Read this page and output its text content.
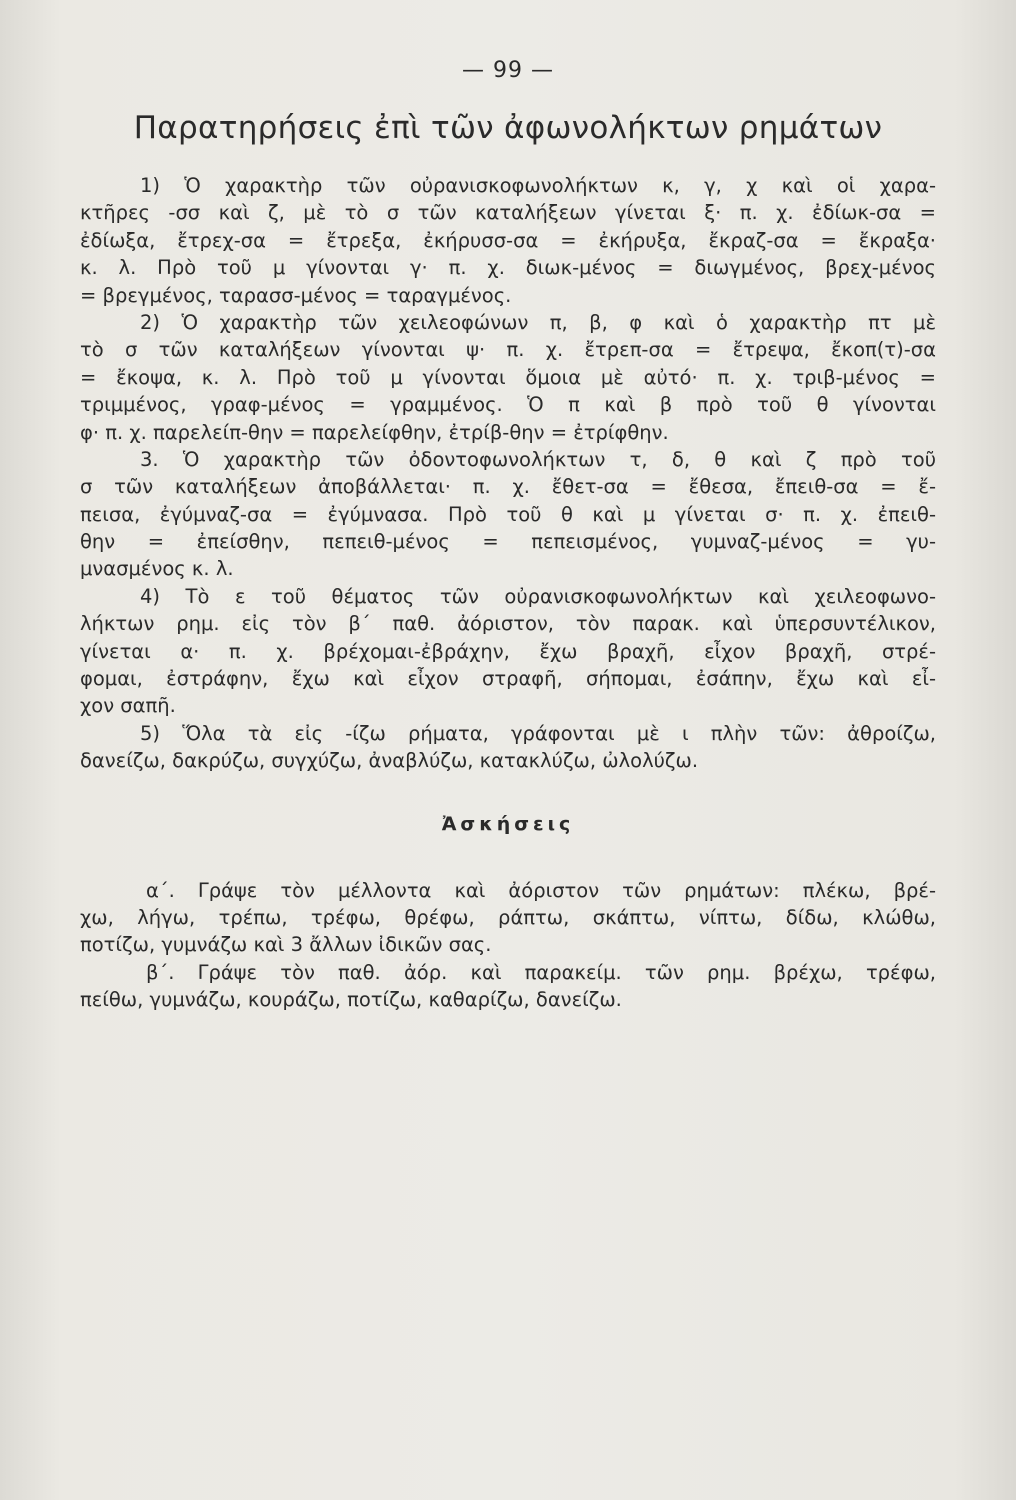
— 99 —
Παρατηρήσεις ἐπὶ τῶν ἀφωνολήκτων ρημάτων
1) Ὁ χαρακτὴρ τῶν οὐρανισκοφωνολήκτων κ, γ, χ καὶ οἱ χαρα-
κτῆρες -σσ καὶ ζ, μὲ τὸ σ τῶν καταλήξεων γίνεται ξ· π. χ. ἐδίωκ-σα =
ἐδίωξα, ἔτρεχ-σα = ἔτρεξα, ἐκήρυσσ-σα = ἐκήρυξα, ἔκραζ-σα = ἔκραξα·
κ. λ. Πρὸ τοῦ μ γίνονται γ· π. χ. διωκ-μένος = διωγμένος, βρεχ-μένος
= βρεγμένος, ταρασσ-μένος = ταραγμένος.
2) Ὁ χαρακτὴρ τῶν χειλεοφώνων π, β, φ καὶ ὁ χαρακτὴρ πτ μὲ
τὸ σ τῶν καταλήξεων γίνονται ψ· π. χ. ἔτρεπ-σα = ἔτρεψα, ἔκοπ(τ)-σα
= ἔκοψα, κ. λ. Πρὸ τοῦ μ γίνονται ὅμοια μὲ αὐτό· π. χ. τριβ-μένος =
τριμμένος, γραφ-μένος = γραμμένος. Ὁ π καὶ β πρὸ τοῦ θ γίνονται
φ· π. χ. παρελείπ-θην = παρελείφθην, ἐτρίβ-θην = ἐτρίφθην.
3. Ὁ χαρακτὴρ τῶν ὀδοντοφωνολήκτων τ, δ, θ καὶ ζ πρὸ τοῦ
σ τῶν καταλήξεων ἀποβάλλεται· π. χ. ἔθετ-σα = ἔθεσα, ἔπειθ-σα = ἔ-
πεισα, ἐγύμναζ-σα = ἐγύμνασα. Πρὸ τοῦ θ καὶ μ γίνεται σ· π. χ. ἐπειθ-
θην = ἐπείσθην, πεπειθ-μένος = πεπεισμένος, γυμναζ-μένος = γυ-
μνασμένος κ. λ.
4) Τὸ ε τοῦ θέματος τῶν οὐρανισκοφωνολήκτων καὶ χειλεοφωνο-
λήκτων ρημ. εἰς τὸν β΄ παθ. ἀόριστον, τὸν παρακ. καὶ ὑπερσυντέλικον,
γίνεται α· π. χ. βρέχομαι-ἐβράχην, ἔχω βραχῆ, εἶχον βραχῆ, στρέ-
φομαι, ἐστράφην, ἔχω καὶ εἶχον στραφῆ, σήπομαι, ἐσάπην, ἔχω καὶ εἶ-
χον σαπῆ.
5) Ὅλα τὰ εἰς -ίζω ρήματα, γράφονται μὲ ι πλὴν τῶν: ἀθροίζω,
δανείζω, δακρύζω, συγχύζω, ἀναβλύζω, κατακλύζω, ὠλολύζω.
Ἀσκήσεις
α΄. Γράψε τὸν μέλλοντα καὶ ἀόριστον τῶν ρημάτων: πλέκω, βρέ-
χω, λήγω, τρέπω, τρέφω, θρέφω, ράπτω, σκάπτω, νίπτω, δίδω, κλώθω,
ποτίζω, γυμνάζω καὶ 3 ἄλλων ἰδικῶν σας.
β΄. Γράψε τὸν παθ. ἀόρ. καὶ παρακείμ. τῶν ρημ. βρέχω, τρέφω,
πείθω, γυμνάζω, κουράζω, ποτίζω, καθαρίζω, δανείζω.
